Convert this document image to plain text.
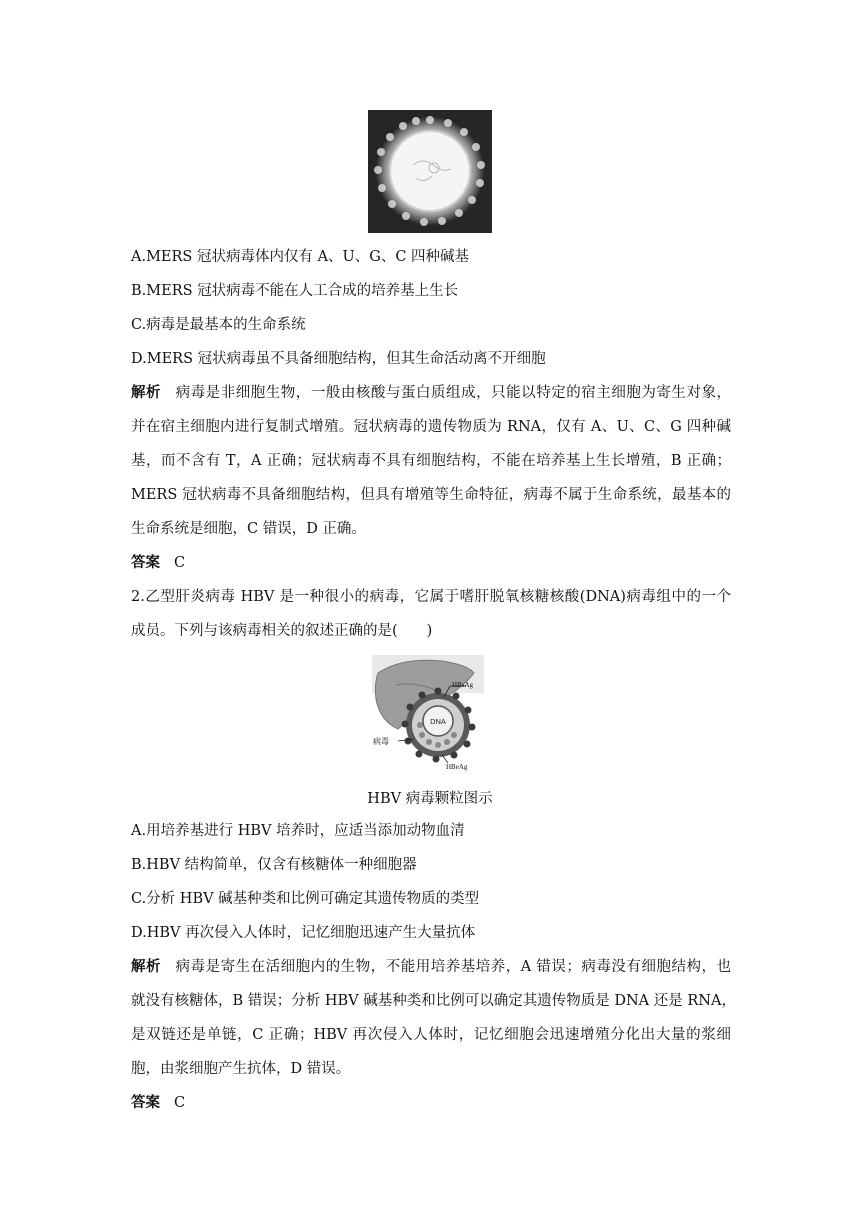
A.MERS 冠状病毒体内仅有 A、U、G、C 四种碱基
B.MERS 冠状病毒不能在人工合成的培养基上生长
C.病毒是最基本的生命系统
D.MERS 冠状病毒虽不具备细胞结构，但其生命活动离不开细胞
解析 病毒是非细胞生物，一般由核酸与蛋白质组成，只能以特定的宿主细胞为寄生对象，
并在宿主细胞内进行复制式增殖。冠状病毒的遗传物质为 RNA，仅有 A、U、C、G 四种碱
基，而不含有 T，A 正确；冠状病毒不具有细胞结构，不能在培养基上生长增殖，B 正确；
MERS 冠状病毒不具备细胞结构，但具有增殖等生命特征，病毒不属于生命系统，最基本的
生命系统是细胞，C 错误，D 正确。
答案 C
2.乙型肝炎病毒 HBV 是一种很小的病毒，它属于嗜肝脱氧核糖核酸(DNA)病毒组中的一个
成员。下列与该病毒相关的叙述正确的是(　　)
DNA
HBsAg
病毒
HBeAg
HBV 病毒颗粒图示
A.用培养基进行 HBV 培养时，应适当添加动物血清
B.HBV 结构简单，仅含有核糖体一种细胞器
C.分析 HBV 碱基种类和比例可确定其遗传物质的类型
D.HBV 再次侵入人体时，记忆细胞迅速产生大量抗体
解析 病毒是寄生在活细胞内的生物，不能用培养基培养，A 错误；病毒没有细胞结构，也
就没有核糖体，B 错误；分析 HBV 碱基种类和比例可以确定其遗传物质是 DNA 还是 RNA，
是双链还是单链，C 正确；HBV 再次侵入人体时，记忆细胞会迅速增殖分化出大量的浆细
胞，由浆细胞产生抗体，D 错误。
答案 C
